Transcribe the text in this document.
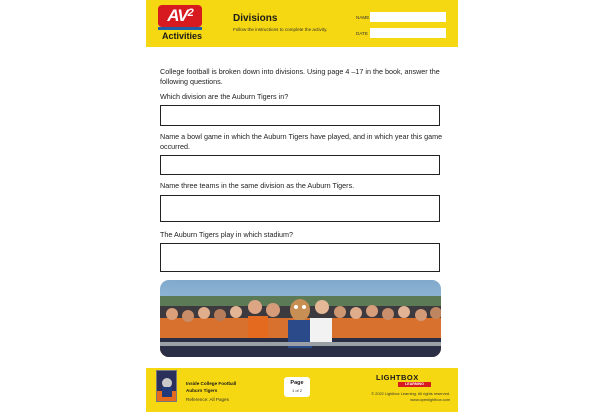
$AV^2$
Activities
Divisions
Follow the instructions to complete the activity.
NAME
DATE
College football is broken down into divisions. Using page 4 –17 in the book, answer the following questions.
Which division are the Auburn Tigers in?
Name a bowl game in which the Auburn Tigers have played, and in which year this game occurred.
Name three teams in the same division as the Auburn Tigers.
The Auburn Tigers play in which stadium?
Inside College Football
Auburn Tigers
Reference: All Pages
Page
1 of 2
LIGHTBOX
LEARNING
© 2022 Lightbox Learning. All rights reserved.
www.openlightbox.com
